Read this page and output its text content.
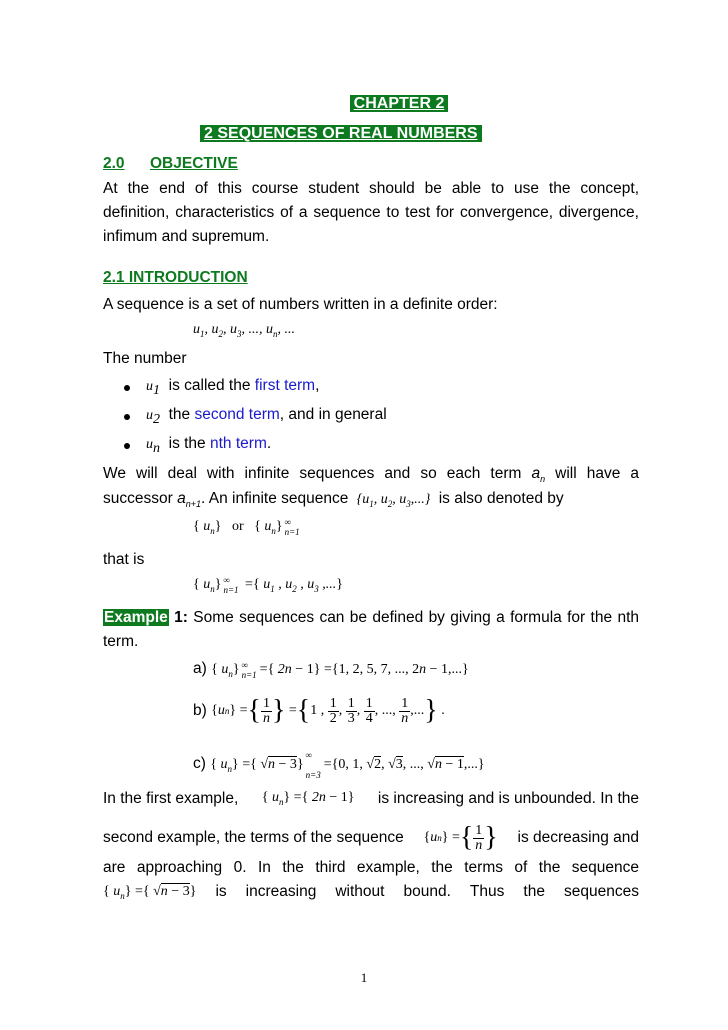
CHAPTER 2
2 SEQUENCES OF REAL NUMBERS
2.0 OBJECTIVE
At the end of this course student should be able to use the concept,
definition, characteristics of a sequence to test for convergence, divergence,
infimum and supremum.
2.1 INTRODUCTION
A sequence is a set of numbers written in a definite order:
$u_1$, $u_2$, $u_3$, ..., $u_n$, ...
The number
$u_1$ is called the first term,
$u_2$ the second term, and in general
$u_n$ is the nth term.
We will deal with infinite sequences and so each term $a_n$ will have a
successor $a_{n+1}$. An infinite sequence {$u_1$, $u_2$, $u_3$,...} is also denoted by
{ $u_n$} or { $u_n$} ∞
n=1
that is
{ $u_n$} ∞
n=1 ={ $u_1$ , $u_2$ , $u_3$ ,...}
Example 1: Some sequences can be defined by giving a formula for the nth
term.
a) { $u_n$} ∞
n=1 ={ 2n − 1} ={1, 2, 5, 7, ..., 2n − 1,...}
b)
{ u n }
= { $\frac{1}{n}$ }
= { 1 ,
$\frac{1}{2}$ , $\frac{1}{3}$ , $\frac{1}{4}$ , ...,
$\frac{1}{n}$ ,... }
.
c) { $u_n$} ={ √n − 3}∞

n=3={0, 1, √2, √3, ..., √n − 1,...}
In the first example, { $u_n$} ={ 2n − 1} is increasing and is unbounded. In the
second example, the terms of the sequence { u n }
= { $\frac{1}{n}$ } is decreasing and
are approaching 0. In the third example, the terms of the sequence
{ $u_n$} ={ √n − 3} is increasing without bound. Thus the sequences
1
